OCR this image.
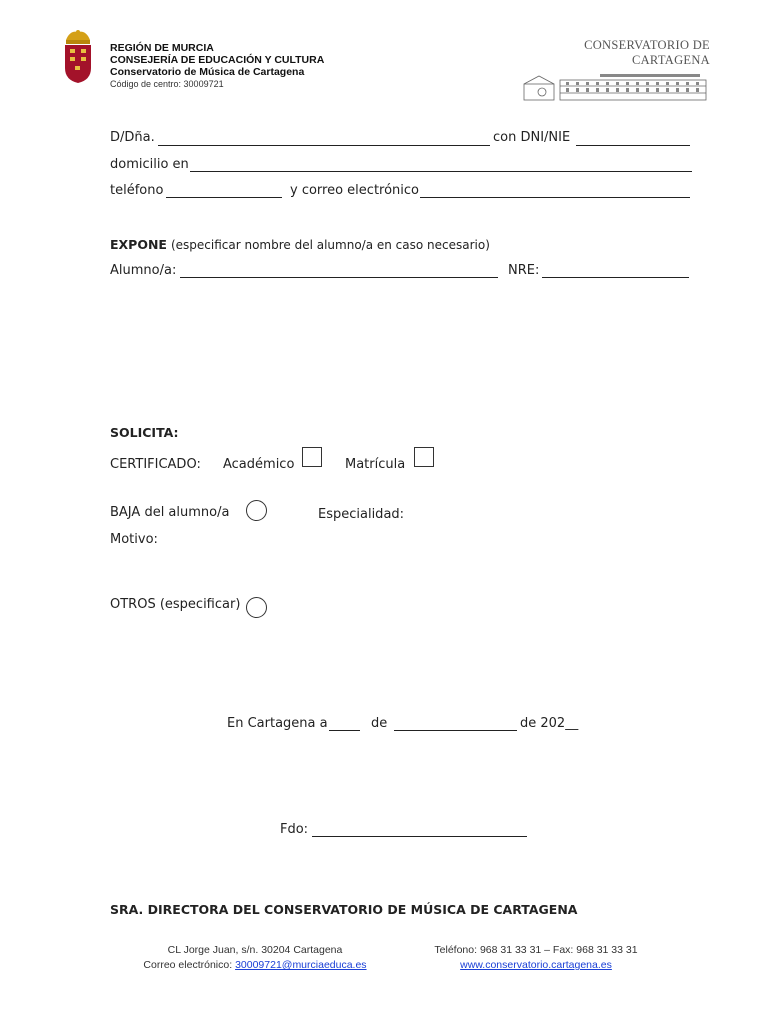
REGIÓN DE MURCIA
CONSEJERÍA DE EDUCACIÓN Y CULTURA
Conservatorio de Música de Cartagena
Código de centro: 30009721
CONSERVATORIO DE CARTAGENA
D/Dña.	con DNI/NIE
domicilio en
teléfono	y correo electrónico
EXPONE (especificar nombre del alumno/a en caso necesario)
Alumno/a:	NRE:
SOLICITA:
CERTIFICADO: Académico	Matrícula
BAJA del alumno/a	Especialidad:
Motivo:
OTROS (especificar)
En Cartagena a	de	de 202__
Fdo:
SRA. DIRECTORA DEL CONSERVATORIO DE MÚSICA DE CARTAGENA
CL Jorge Juan, s/n. 30204 Cartagena
Correo electrónico: 30009721@murciaeduca.es
Teléfono: 968 31 33 31 – Fax: 968 31 33 31
www.conservatorio.cartagena.es
